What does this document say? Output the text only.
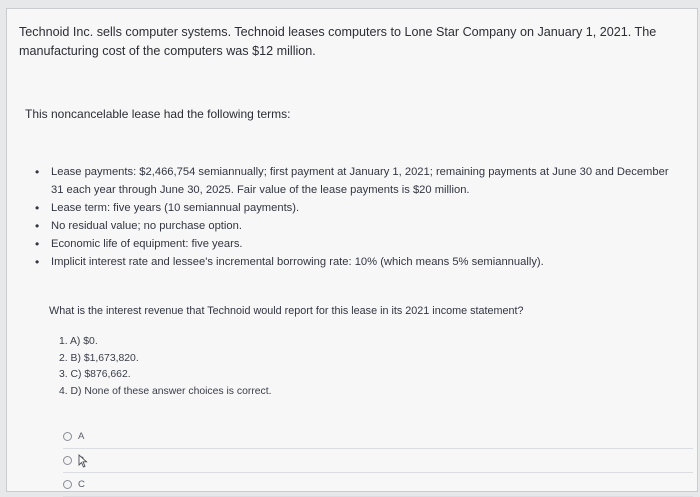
Technoid Inc. sells computer systems. Technoid leases computers to Lone Star Company on January 1, 2021. The manufacturing cost of the computers was $12 million.
This noncancelable lease had the following terms:
• Lease payments: $2,466,754 semiannually; first payment at January 1, 2021; remaining payments at June 30 and December 31 each year through June 30, 2025. Fair value of the lease payments is $20 million.
• Lease term: five years (10 semiannual payments).
• No residual value; no purchase option.
• Economic life of equipment: five years.
• Implicit interest rate and lessee's incremental borrowing rate: 10% (which means 5% semiannually).
What is the interest revenue that Technoid would report for this lease in its 2021 income statement?
1. A) $0.
2. B) $1,673,820.
3. C) $876,662.
4. D) None of these answer choices is correct.
A
C
